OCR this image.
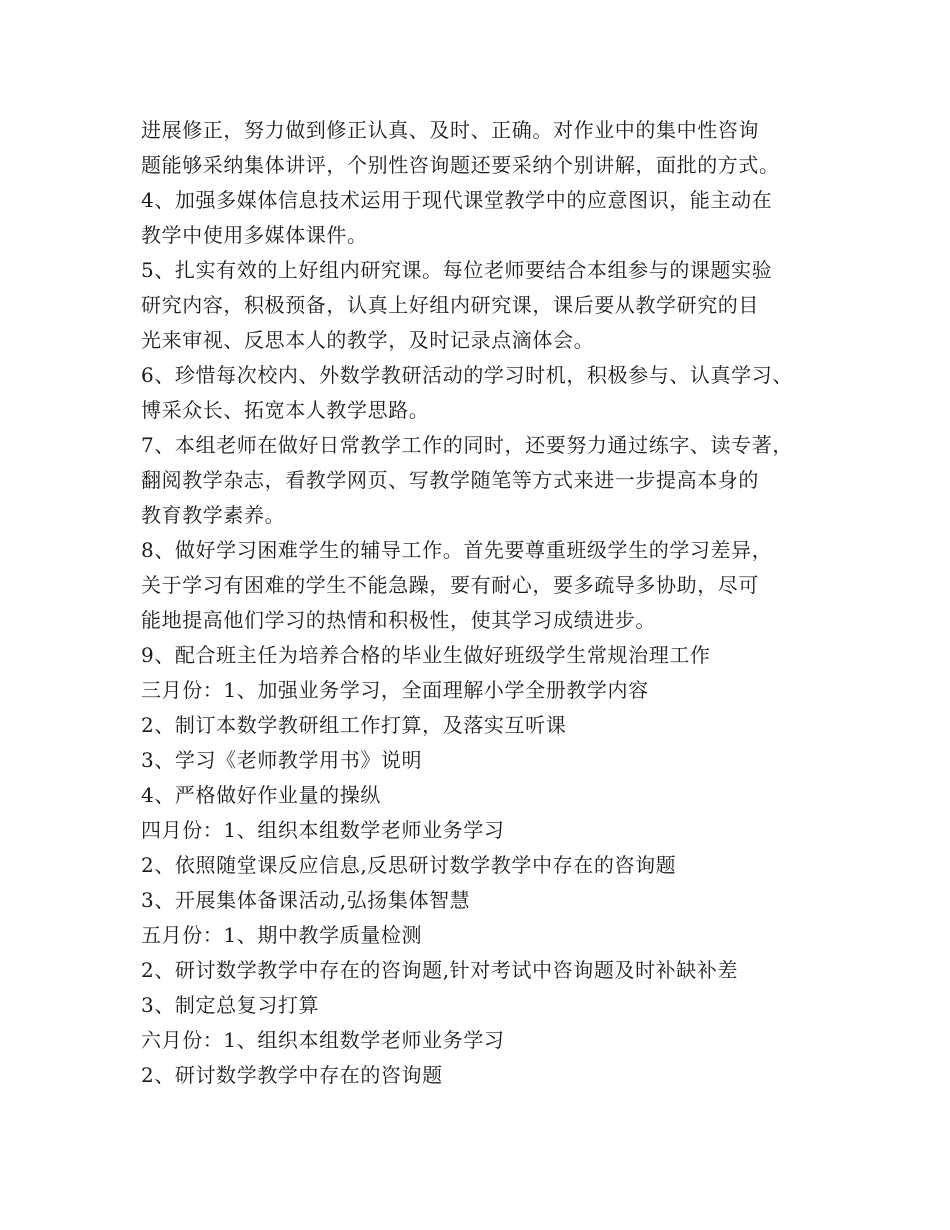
进展修正，努力做到修正认真、及时、正确。对作业中的集中性咨询
题能够采纳集体讲评，个别性咨询题还要采纳个别讲解，面批的方式。
4、加强多媒体信息技术运用于现代课堂教学中的应意图识，能主动在
教学中使用多媒体课件。
5、扎实有效的上好组内研究课。每位老师要结合本组参与的课题实验
研究内容，积极预备，认真上好组内研究课，课后要从教学研究的目
光来审视、反思本人的教学，及时记录点滴体会。
6、珍惜每次校内、外数学教研活动的学习时机，积极参与、认真学习、
博采众长、拓宽本人教学思路。
7、本组老师在做好日常教学工作的同时，还要努力通过练字、读专著，
翻阅教学杂志，看教学网页、写教学随笔等方式来进一步提高本身的
教育教学素养。
8、做好学习困难学生的辅导工作。首先要尊重班级学生的学习差异，
关于学习有困难的学生不能急躁，要有耐心，要多疏导多协助，尽可
能地提高他们学习的热情和积极性，使其学习成绩进步。
9、配合班主任为培养合格的毕业生做好班级学生常规治理工作
三月份：1、加强业务学习，全面理解小学全册教学内容
2、制订本数学教研组工作打算，及落实互听课
3、学习《老师教学用书》说明
4、严格做好作业量的操纵
四月份：1、组织本组数学老师业务学习
2、依照随堂课反应信息,反思研讨数学教学中存在的咨询题
3、开展集体备课活动,弘扬集体智慧
五月份：1、期中教学质量检测
2、研讨数学教学中存在的咨询题,针对考试中咨询题及时补缺补差
3、制定总复习打算
六月份：1、组织本组数学老师业务学习
2、研讨数学教学中存在的咨询题
